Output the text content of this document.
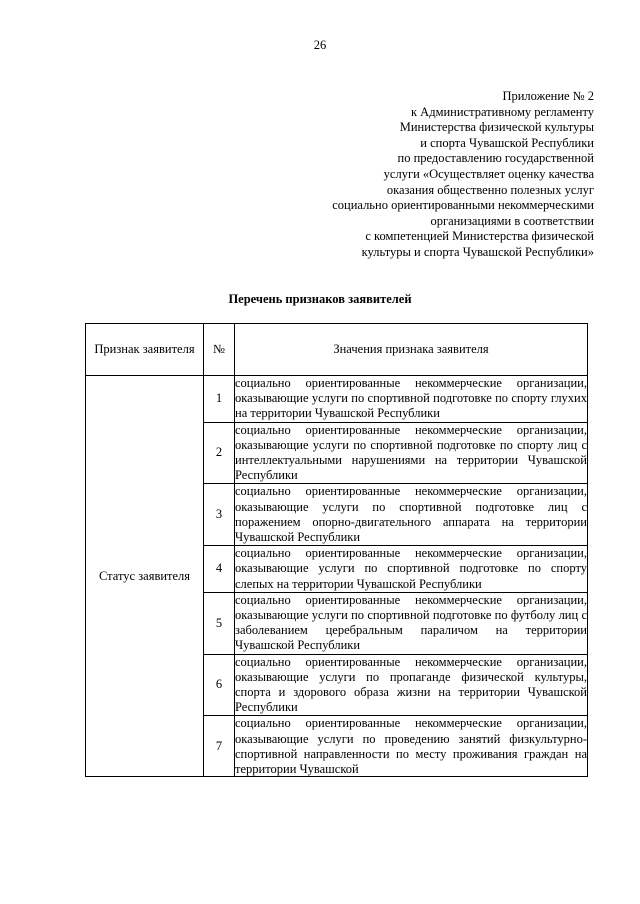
26
Приложение № 2
к Административному регламенту
Министерства физической культуры
и спорта Чувашской Республики
по предоставлению государственной
услуги «Осуществляет оценку качества
оказания общественно полезных услуг
социально ориентированными некоммерческими
организациями в соответствии
с компетенцией Министерства физической
культуры и спорта Чувашской Республики»
Перечень признаков заявителей
Признак заявителя	№	Значения признака заявителя
Статус заявителя	1	социально ориентированные некоммерческие организации, оказывающие услуги по спортивной подготовке по спорту глухих на территории Чувашской Республики
	2	социально ориентированные некоммерческие организации, оказывающие услуги по спортивной подготовке по спорту лиц с интеллектуальными нарушениями на территории Чувашской Республики
	3	социально ориентированные некоммерческие организации, оказывающие услуги по спортивной подготовке лиц с поражением опорно-двигательного аппарата на территории Чувашской Республики
	4	социально ориентированные некоммерческие организации, оказывающие услуги по спортивной подготовке по спорту слепых на территории Чувашской Республики
	5	социально ориентированные некоммерческие организации, оказывающие услуги по спортивной подготовке по футболу лиц с заболеванием церебральным параличом на территории Чувашской Республики
	6	социально ориентированные некоммерческие организации, оказывающие услуги по пропаганде физической культуры, спорта и здорового образа жизни на территории Чувашской Республики
	7	социально ориентированные некоммерческие организации, оказывающие услуги по проведению занятий физкультурно-спортивной направленности по месту проживания граждан на территории Чувашской
